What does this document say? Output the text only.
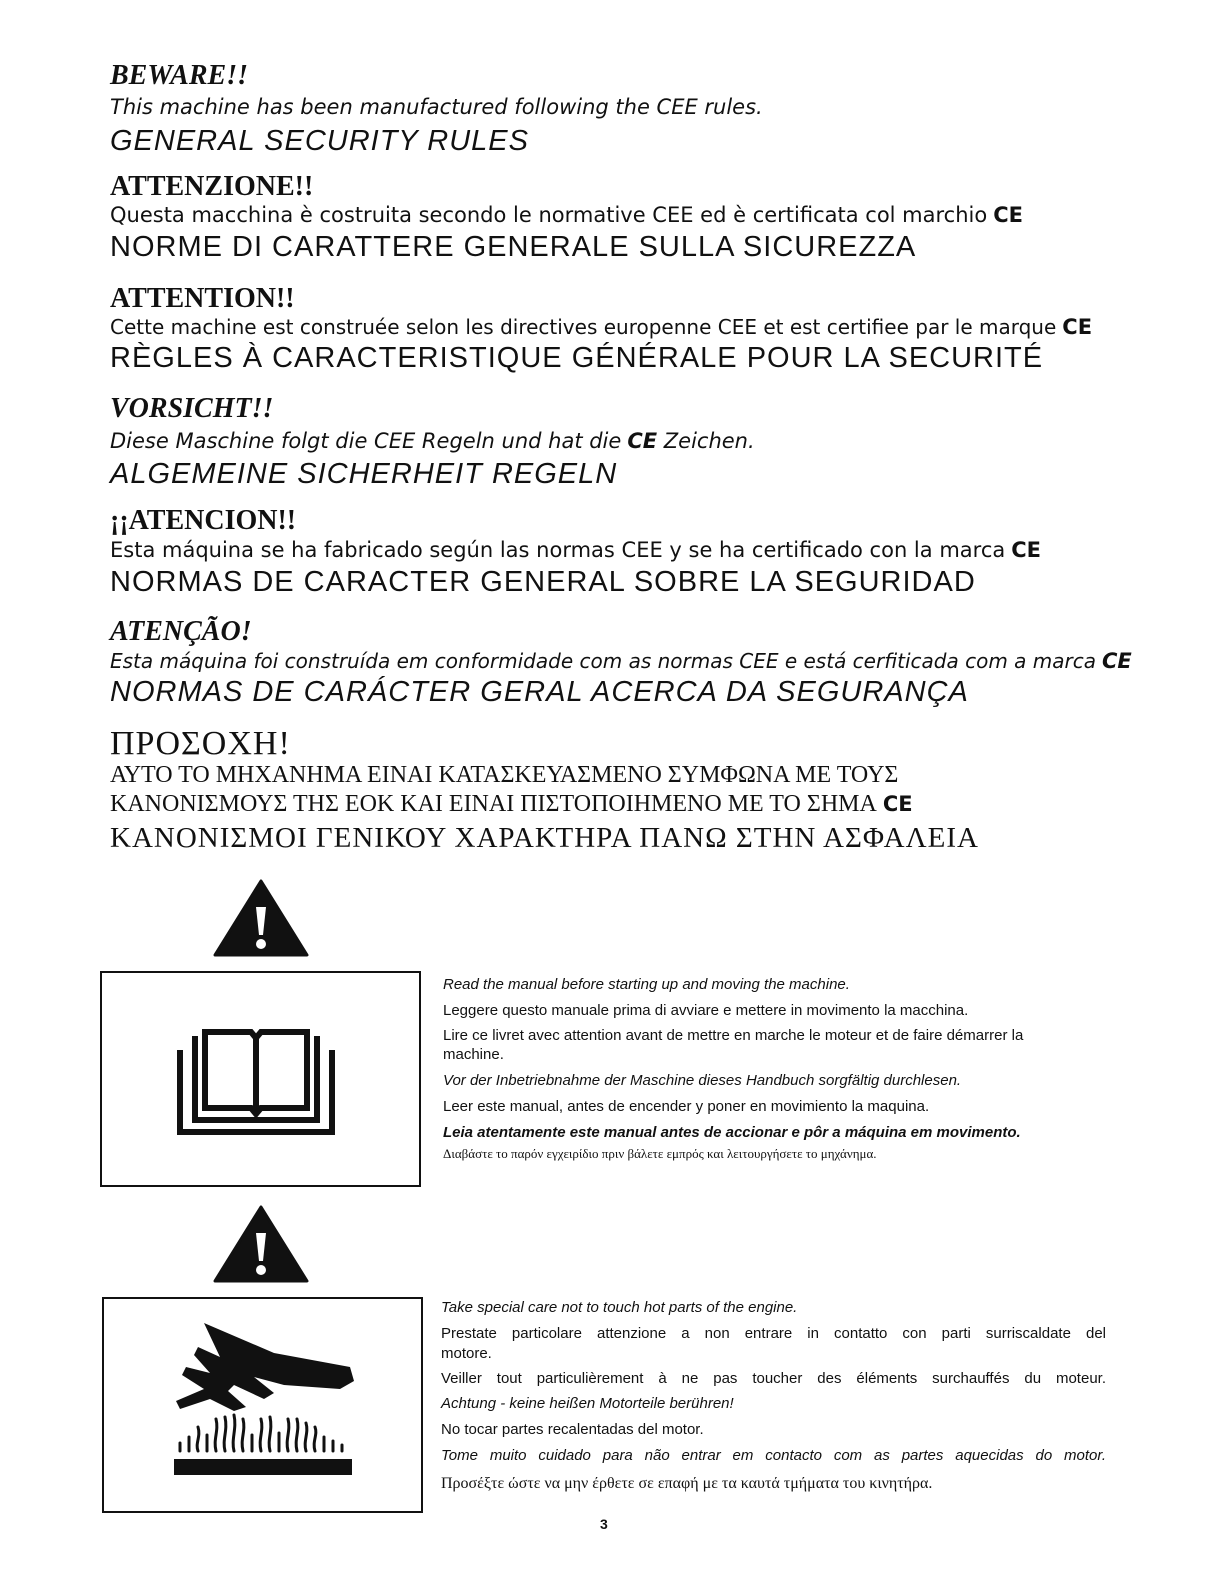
BEWARE!!
This machine has been manufactured following the CEE rules.
GENERAL SECURITY RULES
ATTENZIONE!!
Questa macchina è costruita secondo le normative CEE ed è certificata col marchio CE
NORME DI CARATTERE GENERALE SULLA SICUREZZA
ATTENTION!!
Cette machine est construée selon les directives europenne CEE et est certifiee par le marque CE
RÈGLES À CARACTERISTIQUE GÉNÉRALE POUR LA SECURITÉ
VORSICHT!!
Diese Maschine folgt die CEE Regeln und hat die CE Zeichen.
ALGEMEINE SICHERHEIT REGELN
¡¡ATENCION!!
Esta máquina se ha fabricado según las normas CEE y se ha certificado con la marca CE
NORMAS DE CARACTER GENERAL SOBRE LA SEGURIDAD
ATENÇÃO!
Esta máquina foi construída em conformidade com as normas CEE e está cerfiticada com a marca CE
NORMAS DE CARÁCTER GERAL ACERCA DA SEGURANÇA
ΠΡΟΣΟΧΗ!
ΑΥΤΟ ΤΟ ΜΗΧΑΝΗΜΑ ΕΙΝΑΙ ΚΑΤΑΣΚΕΥΑΣΜΕΝΟ ΣΥΜΦΩΝΑ ΜΕ ΤΟΥΣ
ΚΑΝΟΝΙΣΜΟΥΣ ΤΗΣ ΕΟΚ ΚΑΙ ΕΙΝΑΙ ΠΙΣΤΟΠΟΙΗΜΕΝΟ ΜΕ ΤΟ ΣΗΜΑ CE
ΚΑΝΟΝΙΣΜΟΙ ΓΕΝΙΚΟΥ ΧΑΡΑΚΤΗΡΑ ΠΑΝΩ ΣΤΗΝ ΑΣΦΑΛΕΙΑ
Read the manual before starting up and moving the machine.
Leggere questo manuale prima di avviare e mettere in movimento la macchina.
Lire ce livret avec attention avant de mettre en marche le moteur et de faire démarrer la
machine.
Vor der Inbetriebnahme der Maschine dieses Handbuch sorgfältig durchlesen.
Leer este manual, antes de encender y poner en movimiento la maquina.
Leia atentamente este manual antes de accionar e pôr a máquina em movimento.
Διαβάστε το παρόν εγχειρίδιο πριν βάλετε εμπρός και λειτουργήσετε το μηχάνημα.
Take special care not to touch hot parts of the engine.
Prestate particolare attenzione a non entrare in contatto con parti surriscaldate del
motore.
Veiller tout particulièrement à ne pas toucher des éléments surchauffés du moteur.
Achtung - keine heißen Motorteile berühren!
No tocar partes recalentadas del motor.
Tome muito cuidado para não entrar em contacto com as partes aquecidas do motor.
Προσέξτε ώστε να μην έρθετε σε επαφή με τα καυτά τμήματα του κινητήρα.
3
